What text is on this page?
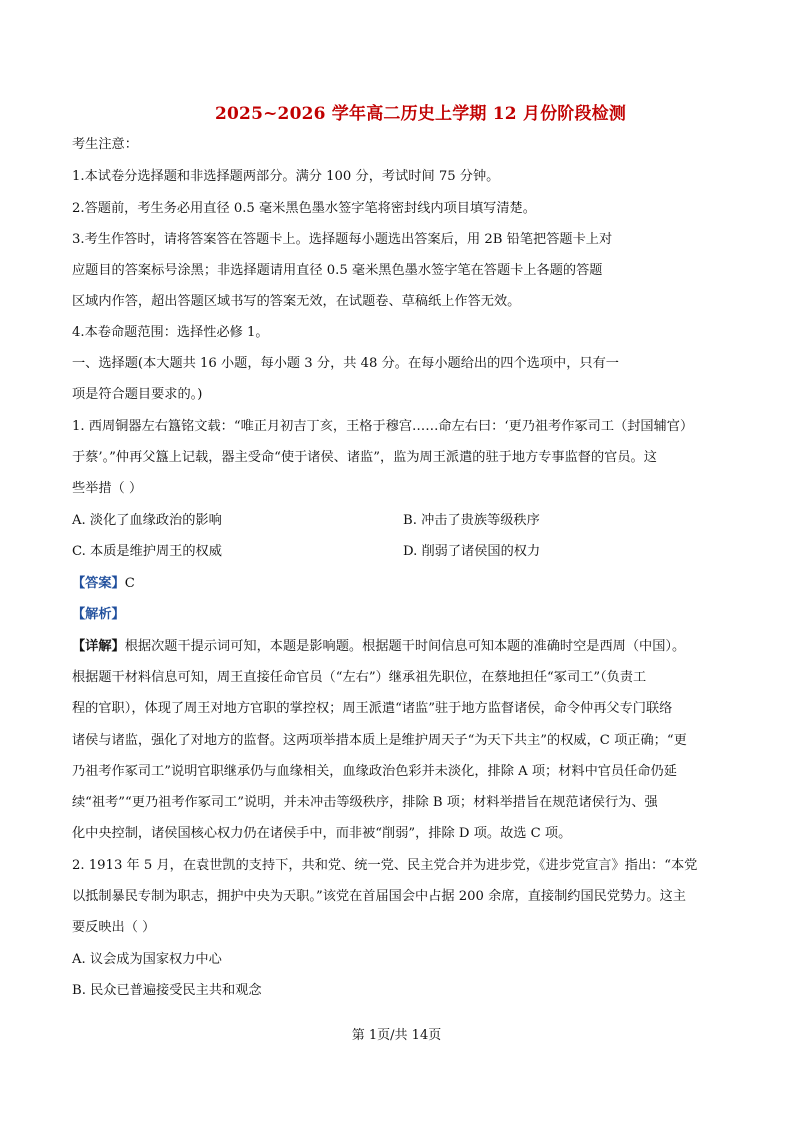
2025~2026 学年高二历史上学期 12 月份阶段检测
考生注意：
1.本试卷分选择题和非选择题两部分。满分 100 分，考试时间 75 分钟。
2.答题前，考生务必用直径 0.5 毫米黑色墨水签字笔将密封线内项目填写清楚。
3.考生作答时，请将答案答在答题卡上。选择题每小题选出答案后，用 2B 铅笔把答题卡上对
应题目的答案标号涂黑；非选择题请用直径 0.5 毫米黑色墨水签字笔在答题卡上各题的答题
区域内作答，超出答题区域书写的答案无效，在试题卷、草稿纸上作答无效。
4.本卷命题范围：选择性必修 1。
一、选择题(本大题共 16 小题，每小题 3 分，共 48 分。在每小题给出的四个选项中，只有一
项是符合题目要求的。)
1. 西周铜器左右簋铭文载：“唯正月初吉丁亥，王格于穆宫……命左右曰：‘更乃祖考作冢司工（封国辅官）
于蔡’。”仲再父簋上记载，器主受命“使于诸侯、诸监”，监为周王派遣的驻于地方专事监督的官员。这
些举措（ ）
A. 淡化了血缘政治的影响	B. 冲击了贵族等级秩序
C. 本质是维护周王的权威	D. 削弱了诸侯国的权力
【答案】C
【解析】
【详解】根据次题干提示词可知，本题是影响题。根据题干时间信息可知本题的准确时空是西周（中国）。
根据题干材料信息可知，周王直接任命官员（“左右”）继承祖先职位，在蔡地担任“冢司工”（负责工
程的官职），体现了周王对地方官职的掌控权；周王派遣“诸监”驻于地方监督诸侯，命令仲再父专门联络
诸侯与诸监，强化了对地方的监督。这两项举措本质上是维护周天子“为天下共主”的权威，C 项正确；“更
乃祖考作冢司工”说明官职继承仍与血缘相关，血缘政治色彩并未淡化，排除 A 项；材料中官员任命仍延
续“祖考”“更乃祖考作冢司工”说明，并未冲击等级秩序，排除 B 项；材料举措旨在规范诸侯行为、强
化中央控制，诸侯国核心权力仍在诸侯手中，而非被“削弱”，排除 D 项。故选 C 项。
2. 1913 年 5 月，在袁世凯的支持下，共和党、统一党、民主党合并为进步党，《进步党宣言》指出：“本党
以抵制暴民专制为职志，拥护中央为天职。”该党在首届国会中占据 200 余席，直接制约国民党势力。这主
要反映出（ ）
A. 议会成为国家权力中心
B. 民众已普遍接受民主共和观念
第 1页/共 14页
